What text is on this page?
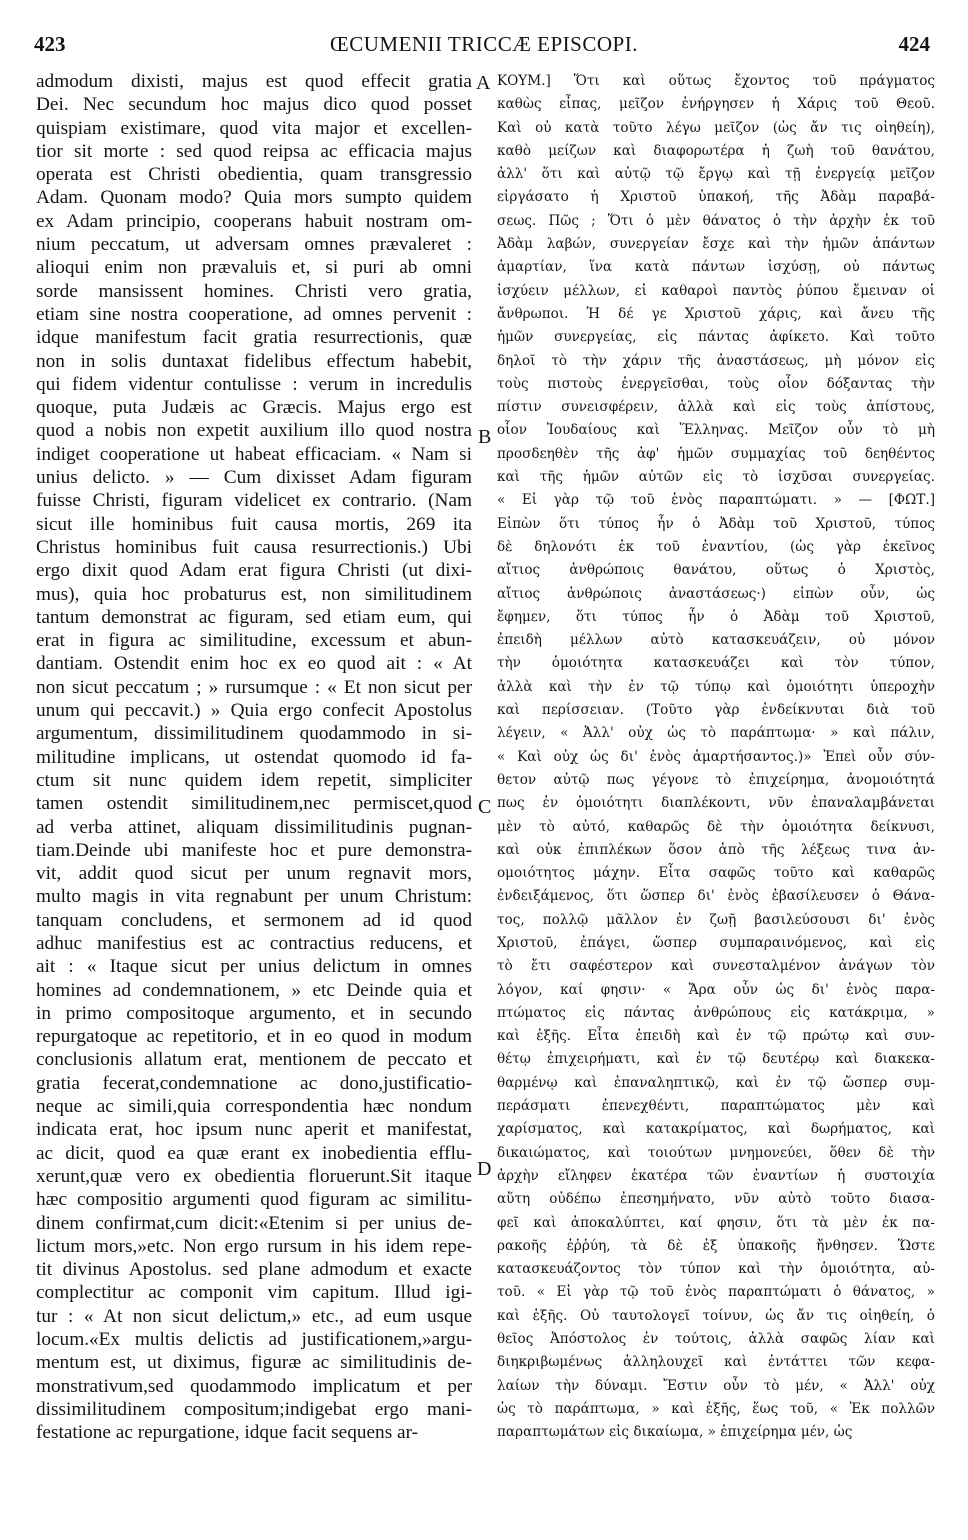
423	ŒCUMENII TRICCÆ EPISCOPI.	424
admodum dixisti, majus est quod effecit gratia
Dei. Nec secundum hoc majus dico quod posset
quispiam existimare, quod vita major et excellen-
tior sit morte : sed quod reipsa ac efficacia majus
operata est Christi obedientia, quam transgressio
Adam. Quonam modo? Quia mors sumpto quidem
ex Adam principio, cooperans habuit nostram om-
nium peccatum, ut adversam omnes prævaleret :
alioqui enim non prævaluis et, si puri ab omni
sorde mansissent homines. Christi vero gratia,
etiam sine nostra cooperatione, ad omnes pervenit :
idque manifestum facit gratia resurrectionis, quæ
non in solis duntaxat fidelibus effectum habebit,
qui fidem videntur contulisse : verum in incredulis
quoque, puta Judæis ac Græcis. Majus ergo est
quod a nobis non expetit auxilium illo quod nostra
indiget cooperatione ut habeat efficaciam. « Nam si
unius delicto. » — Cum dixisset Adam figuram
fuisse Christi, figuram videlicet ex contrario. (Nam
sicut ille hominibus fuit causa mortis, 269 ita
Christus hominibus fuit causa resurrectionis.) Ubi
ergo dixit quod Adam erat figura Christi (ut dixi-
mus), quia hoc probaturus est, non similitudinem
tantum demonstrat ac figuram, sed etiam eum, qui
erat in figura ac similitudine, excessum et abun-
dantiam. Ostendit enim hoc ex eo quod ait : « At
non sicut peccatum ; » rursumque : « Et non sicut per
unum qui peccavit.) » Quia ergo confecit Apostolus
argumentum, dissimilitudinem quodammodo in si-
militudine implicans, ut ostendat quomodo id fa-
ctum sit nunc quidem idem repetit, simpliciter
tamen ostendit similitudinem,nec permiscet,quod
ad verba attinet, aliquam dissimilitudinis pugnan-
tiam.Deinde ubi manifeste hoc et pure demonstra-
vit, addit quod sicut per unum regnavit mors,
multo magis in vita regnabunt per unum Christum:
tanquam concludens, et sermonem ad id quod
adhuc manifestius est ac contractius reducens, et
ait : « Itaque sicut per unius delictum in omnes
homines ad condemnationem, » etc Deinde quia et
in primo compositoque argumento, et in secundo
repurgatoque ac repetitorio, et in eo quod in modum
conclusionis allatum erat, mentionem de peccato et
gratia fecerat,condemnatione ac dono,justificatio-
neque ac simili,quia correspondentia hæc nondum
indicata erat, hoc ipsum nunc aperit et manifestat,
ac dicit, quod ea quæ erant ex inobedientia efflu-
xerunt,quæ vero ex obedientia floruerunt.Sit itaque
hæc compositio argumenti quod figuram ac similitu-
dinem confirmat,cum dicit:«Etenim si per unius de-
lictum mors,»etc. Non ergo rursum in his idem repe-
tit divinus Apostolus. sed plane admodum et exacte
complectitur ac componit vim capitum. Illud igi-
tur : « At non sicut delictum,» etc., ad eum usque
locum.«Ex multis delictis ad justificationem,»argu-
mentum est, ut diximus, figuræ ac similitudinis de-
monstrativum,sed quodammodo implicatum et per
dissimilitudinem compositum;indigebat ergo mani-
festatione ac repurgatione, idque facit sequens ar-
ΚΟΥΜ.] Ὅτι καὶ οὕτως ἔχοντος τοῦ πράγματος
καθὼς εἶπας, μεῖζον ἐνήργησεν ἡ Χάρις τοῦ Θεοῦ.
Καὶ οὐ κατὰ τοῦτο λέγω μεῖζον (ὡς ἄν τις οἰηθείη),
καθὸ μείζων καὶ διαφορωτέρα ἡ ζωὴ τοῦ θανάτου,
ἀλλ' ὅτι καὶ αὐτῷ τῷ ἔργῳ καὶ τῇ ἐνεργείᾳ μεῖζον
εἰργάσατο ἡ Χριστοῦ ὑπακοή, τῆς Ἀδὰμ παραβά-
σεως. Πῶς ; Ὅτι ὁ μὲν θάνατος ὁ τὴν ἀρχὴν ἐκ τοῦ
Ἀδὰμ λαβών, συνεργείαν ἔσχε καὶ τὴν ἡμῶν ἁπάντων
ἁμαρτίαν, ἵνα κατὰ πάντων ἰσχύσῃ, οὐ πάντως
ἰσχύειν μέλλων, εἰ καθαροὶ παντὸς ῥύπου ἔμειναν οἱ
ἄνθρωποι. Ἡ δέ γε Χριστοῦ χάρις, καὶ ἄνευ τῆς
ἡμῶν συνεργείας, εἰς πάντας ἀφίκετο. Καὶ τοῦτο
δηλοῖ τὸ τὴν χάριν τῆς ἀναστάσεως, μὴ μόνον εἰς
τοὺς πιστοὺς ἐνεργεῖσθαι, τοὺς οἷον δόξαντας τὴν
πίστιν συνεισφέρειν, ἀλλὰ καὶ εἰς τοὺς ἀπίστους,
οἷον Ἰουδαίους καὶ Ἕλληνας. Μεῖζον οὖν τὸ μὴ
προσδεηθὲν τῆς ἀφ' ἡμῶν συμμαχίας τοῦ δεηθέντος
καὶ τῆς ἡμῶν αὐτῶν εἰς τὸ ἰσχῦσαι συνεργείας.
« Εἰ γὰρ τῷ τοῦ ἑνὸς παραπτώματι. » — [ΦΩΤ.]
Εἰπὼν ὅτι τύπος ἦν ὁ Ἀδὰμ τοῦ Χριστοῦ, τύπος
δὲ δηλονότι ἐκ τοῦ ἐναντίου, (ὡς γὰρ ἐκεῖνος
αἴτιος ἀνθρώποις θανάτου, οὕτως ὁ Χριστὸς,
αἴτιος ἀνθρώποις ἀναστάσεως·) εἰπὼν οὖν, ὡς
ἔφημεν, ὅτι τύπος ἦν ὁ Ἀδὰμ τοῦ Χριστοῦ,
ἐπειδὴ μέλλων αὐτὸ κατασκευάζειν, οὐ μόνον
τὴν ὁμοιότητα κατασκευάζει καὶ τὸν τύπον,
ἀλλὰ καὶ τὴν ἐν τῷ τύπῳ καὶ ὁμοιότητι ὑπεροχὴν
καὶ περίσσειαν. (Τοῦτο γὰρ ἐνδείκνυται διὰ τοῦ
λέγειν, « Ἀλλ' οὐχ ὡς τὸ παράπτωμα· » καὶ πάλιν,
« Καὶ οὐχ ὡς δι' ἑνὸς ἁμαρτήσαντος.)» Ἐπεὶ οὖν σύν-
θετον αὐτῷ πως γέγονε τὸ ἐπιχείρημα, ἀνομοιότητά
πως ἐν ὁμοιότητι διαπλέκοντι, νῦν ἐπαναλαμβάνεται
μὲν τὸ αὐτό, καθαρῶς δὲ τὴν ὁμοιότητα δείκνυσι,
καὶ οὐκ ἐπιπλέκων ὅσον ἀπὸ τῆς λέξεως τινα ἀν-
ομοιότητος μάχην. Εἶτα σαφῶς τοῦτο καὶ καθαρῶς
ἐνδειξάμενος, ὅτι ὥσπερ δι' ἑνὸς ἐβασίλευσεν ὁ Θάνα-
τος, πολλῷ μᾶλλον ἐν ζωῇ βασιλεύσουσι δι' ἑνὸς
Χριστοῦ, ἐπάγει, ὥσπερ συμπαραινόμενος, καὶ εἰς
τὸ ἔτι σαφέστερον καὶ συνεσταλμένον ἀνάγων τὸν
λόγον, καί φησιν· « Ἄρα οὖν ὡς δι' ἑνὸς παρα-
πτώματος εἰς πάντας ἀνθρώπους εἰς κατάκριμα, »
καὶ ἑξῆς. Εἶτα ἐπειδὴ καὶ ἐν τῷ πρώτῳ καὶ συν-
θέτῳ ἐπιχειρήματι, καὶ ἐν τῷ δευτέρῳ καὶ διακεκα-
θαρμένῳ καὶ ἐπαναληπτικῷ, καὶ ἐν τῷ ὥσπερ συμ-
περάσματι ἐπενεχθέντι, παραπτώματος μὲν καὶ
χαρίσματος, καὶ κατακρίματος, καὶ δωρήματος, καὶ
δικαιώματος, καὶ τοιούτων μνημονεύει, ὅθεν δὲ τὴν
ἀρχὴν εἴληφεν ἑκατέρα τῶν ἐναντίων ἡ συστοιχία
αὕτη οὐδέπω ἐπεσημήνατο, νῦν αὐτὸ τοῦτο διασα-
φεῖ καὶ ἀποκαλύπτει, καί φησιν, ὅτι τὰ μὲν ἐκ πα-
ρακοῆς ἐῤῥύη, τὰ δὲ ἐξ ὑπακοῆς ἤνθησεν. Ὥστε
κατασκευάζοντος τὸν τύπον καὶ τὴν ὁμοιότητα, αὐ-
τοῦ. « Εἰ γὰρ τῷ τοῦ ἑνὸς παραπτώματι ὁ θάνατος, »
καὶ ἑξῆς. Οὐ ταυτολογεῖ τοίνυν, ὡς ἄν τις οἰηθείη, ὁ
θεῖος Ἀπόστολος ἐν τούτοις, ἀλλὰ σαφῶς λίαν καὶ
διηκριβωμένως ἀλληλουχεῖ καὶ ἐντάττει τῶν κεφα-
λαίων τὴν δύναμι. Ἔστιν οὖν τὸ μέν, « Ἀλλ' οὐχ
ὡς τὸ παράπτωμα, » καὶ ἑξῆς, ἕως τοῦ, « Ἐκ πολλῶν
παραπτωμάτων εἰς δικαίωμα, » ἐπιχείρημα μέν, ὡς
A
B
C
D
